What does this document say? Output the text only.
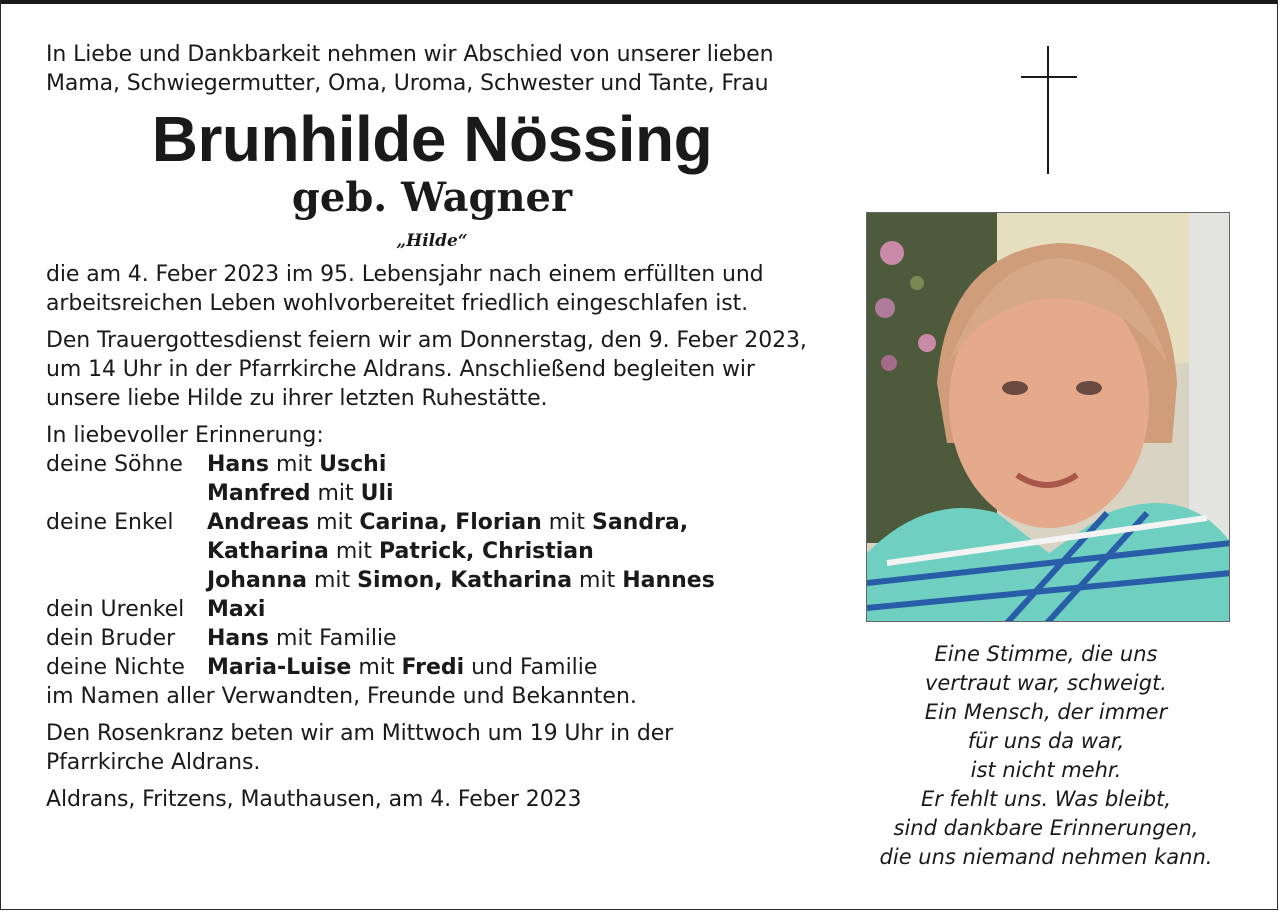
In Liebe und Dankbarkeit nehmen wir Abschied von unserer lieben

Mama, Schwiegermutter, Oma, Uroma, Schwester und Tante, Frau

Brunhilde Nössing
geb. Wagner
„Hilde“

die am 4. Feber 2023 im 95. Lebensjahr nach einem erfüllten und

arbeitsreichen Leben wohlvorbereitet friedlich eingeschlafen ist.

Den Trauergottesdienst feiern wir am Donnerstag, den 9. Feber 2023,

um 14 Uhr in der Pfarrkirche Aldrans. Anschließend begleiten wir

unsere liebe Hilde zu ihrer letzten Ruhestätte.

In liebevoller Erinnerung:
deine Söhne	Hans mit Uschi
Manfred mit Uli
deine Enkel	Andreas mit Carina, Florian mit Sandra,
Katharina mit Patrick, Christian
Johanna mit Simon, Katharina mit Hannes
dein Urenkel	Maxi
dein Bruder	Hans mit Familie
deine Nichte	Maria-Luise mit Fredi und Familie
im Namen aller Verwandten, Freunde und Bekannten.

Den Rosenkranz beten wir am Mittwoch um 19 Uhr in der

Pfarrkirche Aldrans.

Aldrans, Fritzens, Mauthausen, am 4. Feber 2023

Eine Stimme, die uns
vertraut war, schweigt.
Ein Mensch, der immer
für uns da war,
ist nicht mehr.
Er fehlt uns. Was bleibt,
sind dankbare Erinnerungen,
die uns niemand nehmen kann.
